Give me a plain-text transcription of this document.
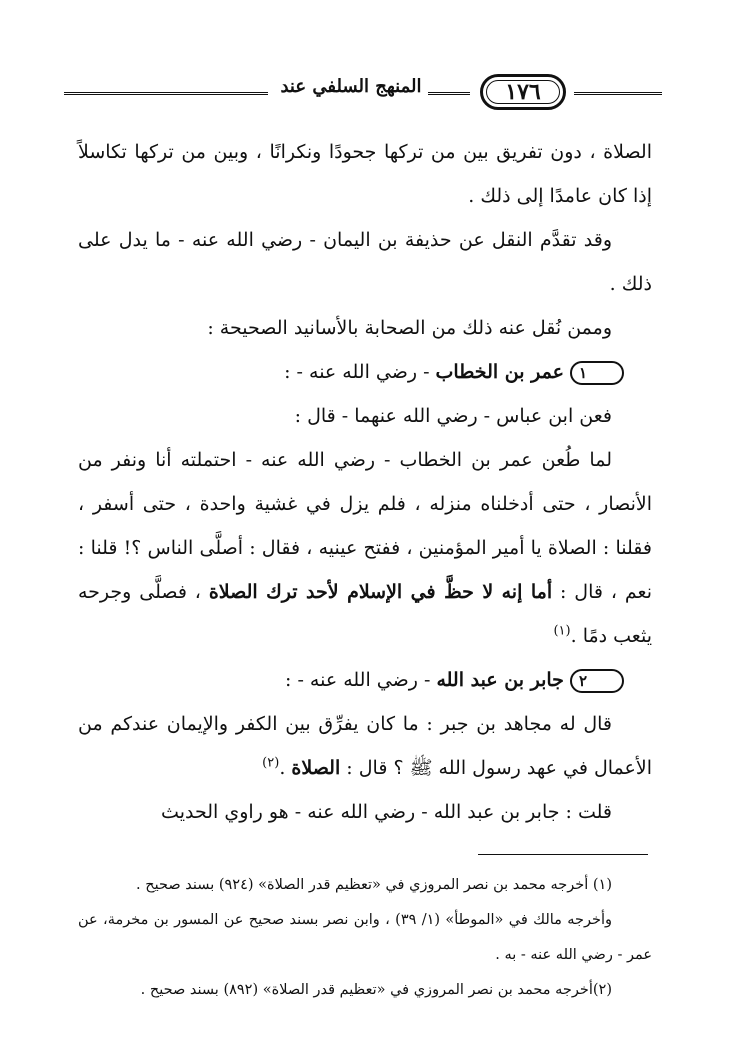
المنهج السلفي عند	١٧٦

الصلاة ، دون تفريق بين من تركها جحودًا ونكرانًا ، وبين من تركها تكاسلاً إذا كان عامدًا إلى ذلك .

وقد تقدَّم النقل عن حذيفة بن اليمان - رضي الله عنه - ما يدل على ذلك .

وممن نُقل عنه ذلك من الصحابة بالأسانيد الصحيحة :

١عمر بن الخطاب - رضي الله عنه - :

فعن ابن عباس - رضي الله عنهما - قال :

لما طُعن عمر بن الخطاب - رضي الله عنه - احتملته أنا ونفر من الأنصار ، حتى أدخلناه منزله ، فلم يزل في غشية واحدة ، حتى أسفر ، فقلنا : الصلاة يا أمير المؤمنين ، ففتح عينيه ، فقال : أصلَّى الناس ؟! قلنا : نعم ، قال : أما إنه لا حظَّ في الإسلام لأحد ترك الصلاة ، فصلَّى وجرحه يثعب دمًا .$^{(١)}$

٢جابر بن عبد الله - رضي الله عنه - :

قال له مجاهد بن جبر : ما كان يفرِّق بين الكفر والإيمان عندكم من الأعمال في عهد رسول الله ﷺ ؟ قال : الصلاة .$^{(٢)}$

قلت : جابر بن عبد الله - رضي الله عنه - هو راوي الحديث

(١) أخرجه محمد بن نصر المروزي في «تعظيم قدر الصلاة» (٩٢٤) بسند صحيح .

وأخرجه مالك في «الموطأ» (١/ ٣٩) ، وابن نصر بسند صحيح عن المسور بن مخرمة، عن عمر - رضي الله عنه - به .

(٢)أخرجه محمد بن نصر المروزي في «تعظيم قدر الصلاة» (٨٩٢) بسند صحيح .
